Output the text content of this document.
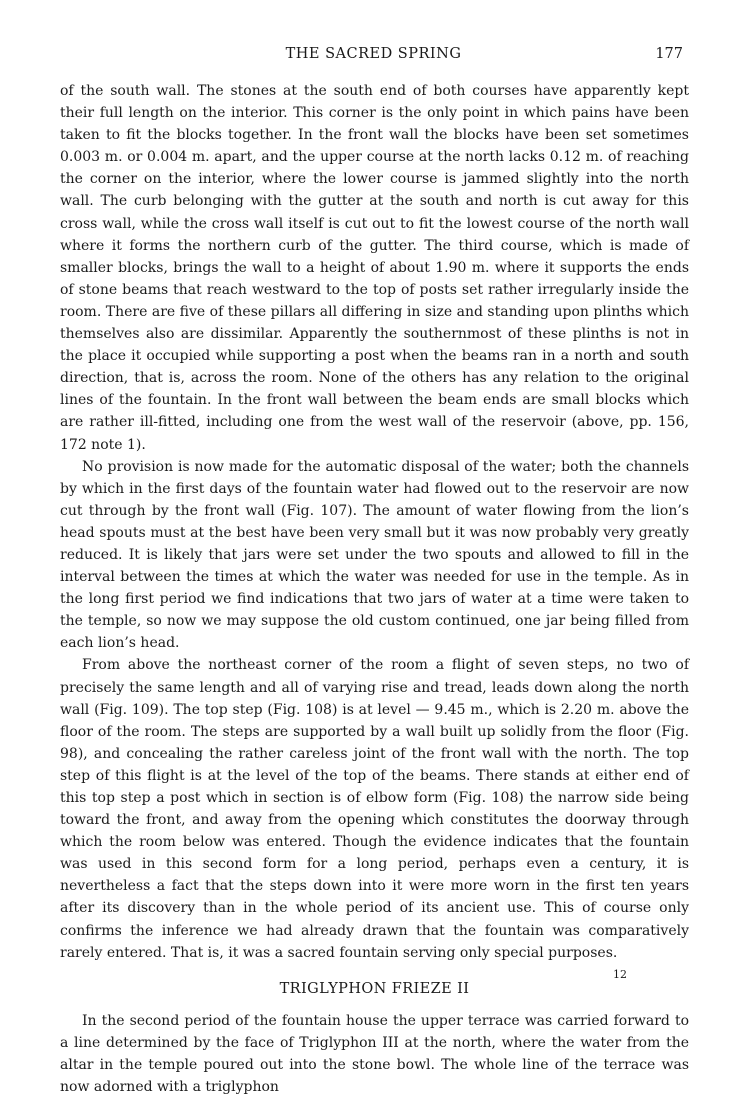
THE SACRED SPRING	177

of the south wall. The stones at the south end of both courses have apparently kept their full length on the interior. This corner is the only point in which pains have been taken to fit the blocks together. In the front wall the blocks have been set sometimes 0.003 m. or 0.004 m. apart, and the upper course at the north lacks 0.12 m. of reaching the corner on the interior, where the lower course is jammed slightly into the north wall. The curb belonging with the gutter at the south and north is cut away for this cross wall, while the cross wall itself is cut out to fit the lowest course of the north wall where it forms the northern curb of the gutter. The third course, which is made of smaller blocks, brings the wall to a height of about 1.90 m. where it supports the ends of stone beams that reach westward to the top of posts set rather irregularly inside the room. There are five of these pillars all differing in size and standing upon plinths which themselves also are dissimilar. Apparently the southernmost of these plinths is not in the place it occupied while supporting a post when the beams ran in a north and south direction, that is, across the room. None of the others has any relation to the original lines of the fountain. In the front wall between the beam ends are small blocks which are rather ill-fitted, including one from the west wall of the reservoir (above, pp. 156, 172 note 1).

No provision is now made for the automatic disposal of the water; both the channels by which in the first days of the fountain water had flowed out to the reservoir are now cut through by the front wall (Fig. 107). The amount of water flowing from the lion’s head spouts must at the best have been very small but it was now probably very greatly reduced. It is likely that jars were set under the two spouts and allowed to fill in the interval between the times at which the water was needed for use in the temple. As in the long first period we find indications that two jars of water at a time were taken to the temple, so now we may suppose the old custom continued, one jar being filled from each lion’s head.

From above the northeast corner of the room a flight of seven steps, no two of precisely the same length and all of varying rise and tread, leads down along the north wall (Fig. 109). The top step (Fig. 108) is at level — 9.45 m., which is 2.20 m. above the floor of the room. The steps are supported by a wall built up solidly from the floor (Fig. 98), and concealing the rather careless joint of the front wall with the north. The top step of this flight is at the level of the top of the beams. There stands at either end of this top step a post which in section is of elbow form (Fig. 108) the narrow side being toward the front, and away from the opening which constitutes the doorway through which the room below was entered. Though the evidence indicates that the fountain was used in this second form for a long period, perhaps even a century, it is nevertheless a fact that the steps down into it were more worn in the first ten years after its discovery than in the whole period of its ancient use. This of course only confirms the inference we had already drawn that the fountain was comparatively rarely entered. That is, it was a sacred fountain serving only special purposes.

TRIGLYPHON FRIEZE II

In the second period of the fountain house the upper terrace was carried forward to a line determined by the face of Triglyphon III at the north, where the water from the altar in the temple poured out into the stone bowl. The whole line of the terrace was now adorned with a triglyphon

12
